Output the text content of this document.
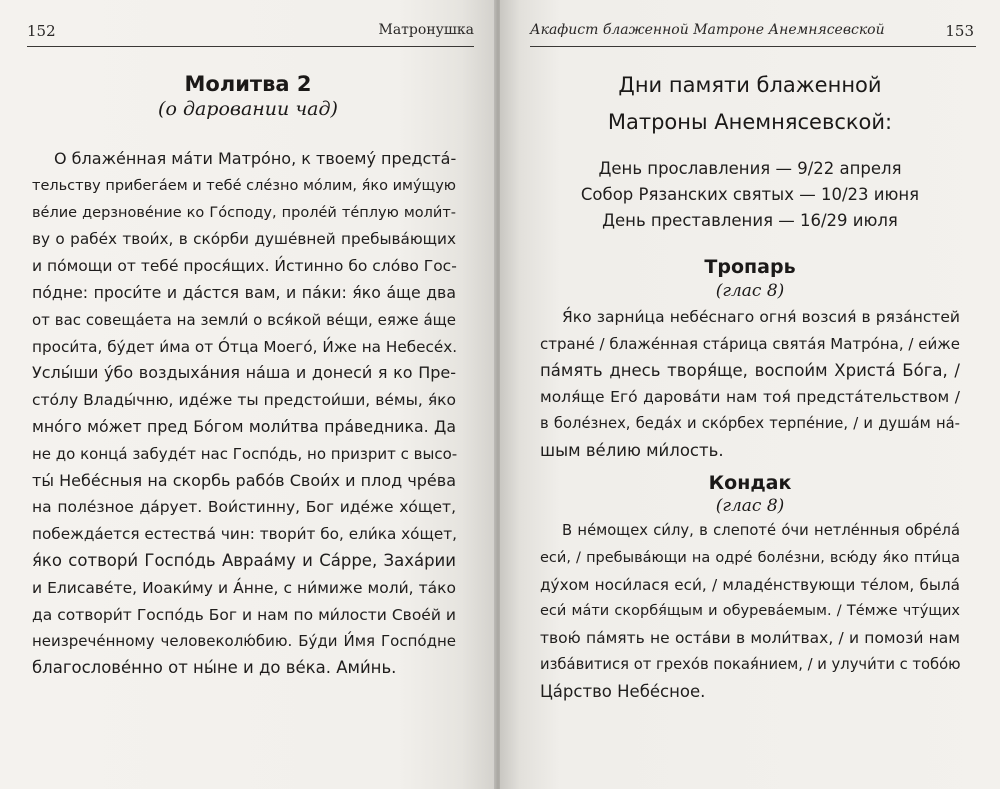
152	Матронушка
Молитва 2
(о даровании чад)
О блаже́нная ма́ти Матро́но, к твоему́ предста́-
тельству прибега́ем и тебе́ сле́зно мо́лим, я́ко иму́щую
ве́лие дерзнове́ние ко Го́споду, проле́й те́плую моли́т-
ву о рабе́х твои́х, в ско́рби душе́вней пребыва́ющих
и по́мощи от тебе́ прося́щих. И́стинно бо сло́во Гос-
по́дне: проси́те и да́стся вам, и па́ки: я́ко а́ще два
от вас совеща́ета на земли́ о вся́кой ве́щи, еяже а́ще
проси́та, бу́дет и́ма от О́тца Моего́, И́же на Небесе́х.
Услы́ши у́бо воздыха́ния на́ша и донеси́ я ко Пре-
сто́лу Влады́чню, иде́же ты предстои́ши, ве́мы, я́ко
мно́го мо́жет пред Бо́гом моли́тва пра́ведника. Да
не до конца́ забуде́т нас Госпо́дь, но призрит с высо-
ты́ Небе́сныя на скорбь рабо́в Свои́х и плод чре́ва
на поле́зное да́рует. Вои́стинну, Бог иде́же хо́щет,
побежда́ется естества́ чин: твори́т бо, ели́ка хо́щет,
я́ко сотвори́ Госпо́дь Авраа́му и Са́рре, Заха́рии
и Елисаве́те, Иоаки́му и А́нне, с ни́миже моли́, та́ко
да сотвори́т Госпо́дь Бог и нам по ми́лости Свое́й и
неизрече́нному человеколю́бию. Бу́ди И́мя Госпо́дне
благослове́нно от ны́не и до ве́ка. Ами́нь.
Акафист блаженной Матроне Анемнясевской	153
Дни памяти блаженной
Матроны Анемнясевской:
День прославления — 9/22 апреля
Собор Рязанских святых — 10/23 июня
День преставления — 16/29 июля
Тропарь
(глас 8)
Я́ко зарни́ца небе́снаго огня́ возсия́ в ряза́нстей
стране́ / блаже́нная ста́рица свята́я Матро́на, / еи́же
па́мять днесь творя́ще, воспои́м Христа́ Бо́га, /
моля́ще Его́ дарова́ти нам тоя́ предста́тельством /
в боле́знех, беда́х и ско́рбех терпе́ние, / и душа́м на́-
шым ве́лию ми́лость.
Кондак
(глас 8)
В не́мощех си́лу, в слепоте́ о́чи нетле́нныя обре́ла́
еси́, / пребыва́ющи на одре́ боле́зни, всю́ду я́ко пти́ца
ду́хом носи́лася еси́, / младе́нствующи те́лом, была́
еси́ ма́ти скорбя́щым и обурева́емым. / Те́мже чту́щих
твою́ па́мять не оста́ви в моли́твах, / и помози́ нам
изба́витися от грехо́в покая́нием, / и улучи́ти с тобо́ю
Ца́рство Небе́сное.
